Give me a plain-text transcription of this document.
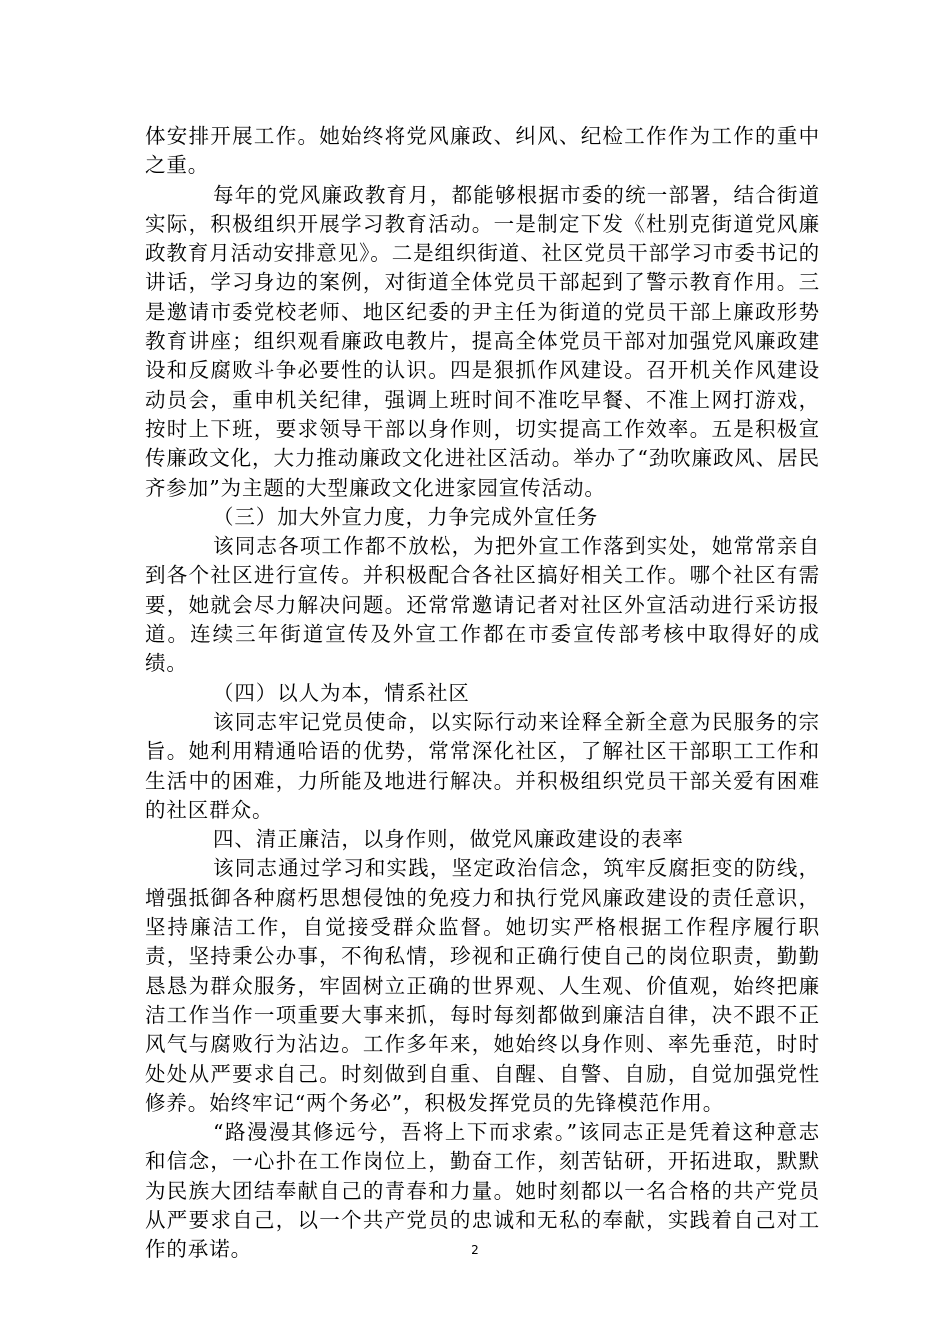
体安排开展工作。她始终将党风廉政、纠风、纪检工作作为工作的重中之重。

每年的党风廉政教育月，都能够根据市委的统一部署，结合街道实际，积极组织开展学习教育活动。一是制定下发《杜别克街道党风廉政教育月活动安排意见》。二是组织街道、社区党员干部学习市委书记的讲话，学习身边的案例，对街道全体党员干部起到了警示教育作用。三是邀请市委党校老师、地区纪委的尹主任为街道的党员干部上廉政形势教育讲座；组织观看廉政电教片，提高全体党员干部对加强党风廉政建设和反腐败斗争必要性的认识。四是狠抓作风建设。召开机关作风建设动员会，重申机关纪律，强调上班时间不准吃早餐、不准上网打游戏，按时上下班，要求领导干部以身作则，切实提高工作效率。五是积极宣传廉政文化，大力推动廉政文化进社区活动。举办了“劲吹廉政风、居民齐参加”为主题的大型廉政文化进家园宣传活动。

（三）加大外宣力度，力争完成外宣任务

该同志各项工作都不放松，为把外宣工作落到实处，她常常亲自到各个社区进行宣传。并积极配合各社区搞好相关工作。哪个社区有需要，她就会尽力解决问题。还常常邀请记者对社区外宣活动进行采访报道。连续三年街道宣传及外宣工作都在市委宣传部考核中取得好的成绩。

（四）以人为本，情系社区

该同志牢记党员使命，以实际行动来诠释全新全意为民服务的宗旨。她利用精通哈语的优势，常常深化社区，了解社区干部职工工作和生活中的困难，力所能及地进行解决。并积极组织党员干部关爱有困难的社区群众。

四、清正廉洁，以身作则，做党风廉政建设的表率

该同志通过学习和实践，坚定政治信念，筑牢反腐拒变的防线，增强抵御各种腐朽思想侵蚀的免疫力和执行党风廉政建设的责任意识，坚持廉洁工作，自觉接受群众监督。她切实严格根据工作程序履行职责，坚持秉公办事，不徇私情，珍视和正确行使自己的岗位职责，勤勤恳恳为群众服务，牢固树立正确的世界观、人生观、价值观，始终把廉洁工作当作一项重要大事来抓，每时每刻都做到廉洁自律，决不跟不正风气与腐败行为沾边。工作多年来，她始终以身作则、率先垂范，时时处处从严要求自己。时刻做到自重、自醒、自警、自励，自觉加强党性修养。始终牢记“两个务必”，积极发挥党员的先锋模范作用。

“路漫漫其修远兮，吾将上下而求索。”该同志正是凭着这种意志和信念，一心扑在工作岗位上，勤奋工作，刻苦钻研，开拓进取，默默为民族大团结奉献自己的青春和力量。她时刻都以一名合格的共产党员从严要求自己，以一个共产党员的忠诚和无私的奉献，实践着自己对工作的承诺。	2
